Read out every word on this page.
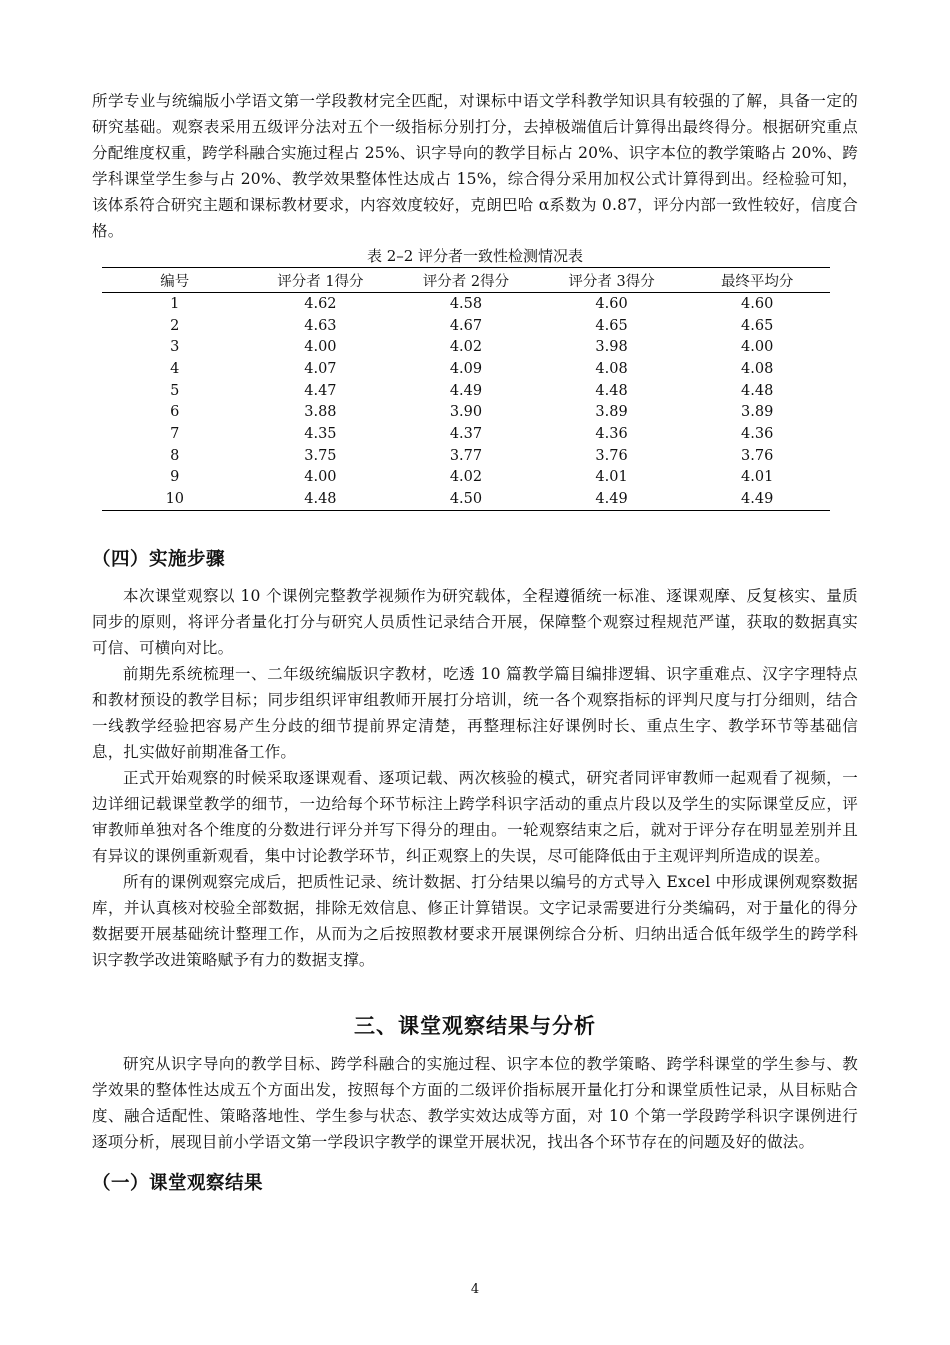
所学专业与统编版小学语文第一学段教材完全匹配，对课标中语文学科教学知识具有较强的了解，具备一定的研究基础。观察表采用五级评分法对五个一级指标分别打分，去掉极端值后计算得出最终得分。根据研究重点分配维度权重，跨学科融合实施过程占 25%、识字导向的教学目标占 20%、识字本位的教学策略占 20%、跨学科课堂学生参与占 20%、教学效果整体性达成占 15%，综合得分采用加权公式计算得到出。经检验可知，该体系符合研究主题和课标教材要求，内容效度较好，克朗巴哈 α系数为 0.87，评分内部一致性较好，信度合格。

表 2–2 评分者一致性检测情况表
编号	评分者 1得分	评分者 2得分	评分者 3得分	最终平均分
1	4.62	4.58	4.60	4.60
2	4.63	4.67	4.65	4.65
3	4.00	4.02	3.98	4.00
4	4.07	4.09	4.08	4.08
5	4.47	4.49	4.48	4.48
6	3.88	3.90	3.89	3.89
7	4.35	4.37	4.36	4.36
8	3.75	3.77	3.76	3.76
9	4.00	4.02	4.01	4.01
10	4.48	4.50	4.49	4.49
（四）实施步骤

本次课堂观察以 10 个课例完整教学视频作为研究载体，全程遵循统一标准、逐课观摩、反复核实、量质同步的原则，将评分者量化打分与研究人员质性记录结合开展，保障整个观察过程规范严谨，获取的数据真实可信、可横向对比。

前期先系统梳理一、二年级统编版识字教材，吃透 10 篇教学篇目编排逻辑、识字重难点、汉字字理特点和教材预设的教学目标；同步组织评审组教师开展打分培训，统一各个观察指标的评判尺度与打分细则，结合一线教学经验把容易产生分歧的细节提前界定清楚，再整理标注好课例时长、重点生字、教学环节等基础信息，扎实做好前期准备工作。

正式开始观察的时候采取逐课观看、逐项记载、两次核验的模式，研究者同评审教师一起观看了视频，一边详细记载课堂教学的细节，一边给每个环节标注上跨学科识字活动的重点片段以及学生的实际课堂反应，评审教师单独对各个维度的分数进行评分并写下得分的理由。一轮观察结束之后，就对于评分存在明显差别并且有异议的课例重新观看，集中讨论教学环节，纠正观察上的失误，尽可能降低由于主观评判所造成的误差。

所有的课例观察完成后，把质性记录、统计数据、打分结果以编号的方式导入 Excel 中形成课例观察数据库，并认真核对校验全部数据，排除无效信息、修正计算错误。文字记录需要进行分类编码，对于量化的得分数据要开展基础统计整理工作，从而为之后按照教材要求开展课例综合分析、归纳出适合低年级学生的跨学科识字教学改进策略赋予有力的数据支撑。

三、课堂观察结果与分析

研究从识字导向的教学目标、跨学科融合的实施过程、识字本位的教学策略、跨学科课堂的学生参与、教学效果的整体性达成五个方面出发，按照每个方面的二级评价指标展开量化打分和课堂质性记录，从目标贴合度、融合适配性、策略落地性、学生参与状态、教学实效达成等方面，对 10 个第一学段跨学科识字课例进行逐项分析，展现目前小学语文第一学段识字教学的课堂开展状况，找出各个环节存在的问题及好的做法。

（一）课堂观察结果
4
